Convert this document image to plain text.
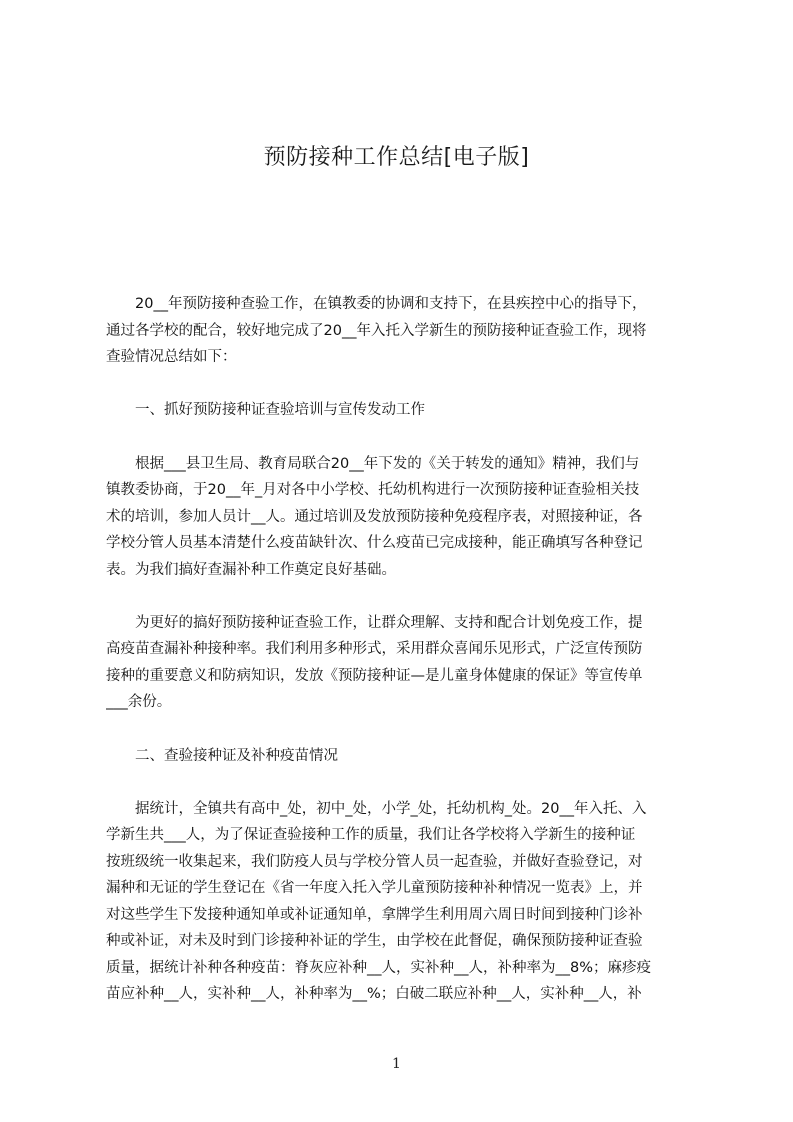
预防接种工作总结[电子版]
　　20__年预防接种查验工作，在镇教委的协调和支持下，在县疾控中心的指导下，
通过各学校的配合，较好地完成了20__年入托入学新生的预防接种证查验工作，现将
查验情况总结如下：
　　一、抓好预防接种证查验培训与宣传发动工作
　　根据___县卫生局、教育局联合20__年下发的《关于转发的通知》精神，我们与
镇教委协商，于20__年_月对各中小学校、托幼机构进行一次预防接种证查验相关技
术的培训，参加人员计__人。通过培训及发放预防接种免疫程序表，对照接种证，各
学校分管人员基本清楚什么疫苗缺针次、什么疫苗已完成接种，能正确填写各种登记
表。为我们搞好查漏补种工作奠定良好基础。
　　为更好的搞好预防接种证查验工作，让群众理解、支持和配合计划免疫工作，提
高疫苗查漏补种接种率。我们利用多种形式，采用群众喜闻乐见形式，广泛宣传预防
接种的重要意义和防病知识，发放《预防接种证—是儿童身体健康的保证》等宣传单
___余份。
　　二、查验接种证及补种疫苗情况
　　据统计，全镇共有高中_处，初中_处，小学_处，托幼机构_处。20__年入托、入
学新生共___人，为了保证查验接种工作的质量，我们让各学校将入学新生的接种证
按班级统一收集起来，我们防疫人员与学校分管人员一起查验，并做好查验登记，对
漏种和无证的学生登记在《省一年度入托入学儿童预防接种补种情况一览表》上，并
对这些学生下发接种通知单或补证通知单，拿牌学生利用周六周日时间到接种门诊补
种或补证，对未及时到门诊接种补证的学生，由学校在此督促，确保预防接种证查验
质量，据统计补种各种疫苗：脊灰应补种__人，实补种__人，补种率为__8%；麻疹疫
苗应补种__人，实补种__人，补种率为__%；白破二联应补种__人，实补种__人，补
1
